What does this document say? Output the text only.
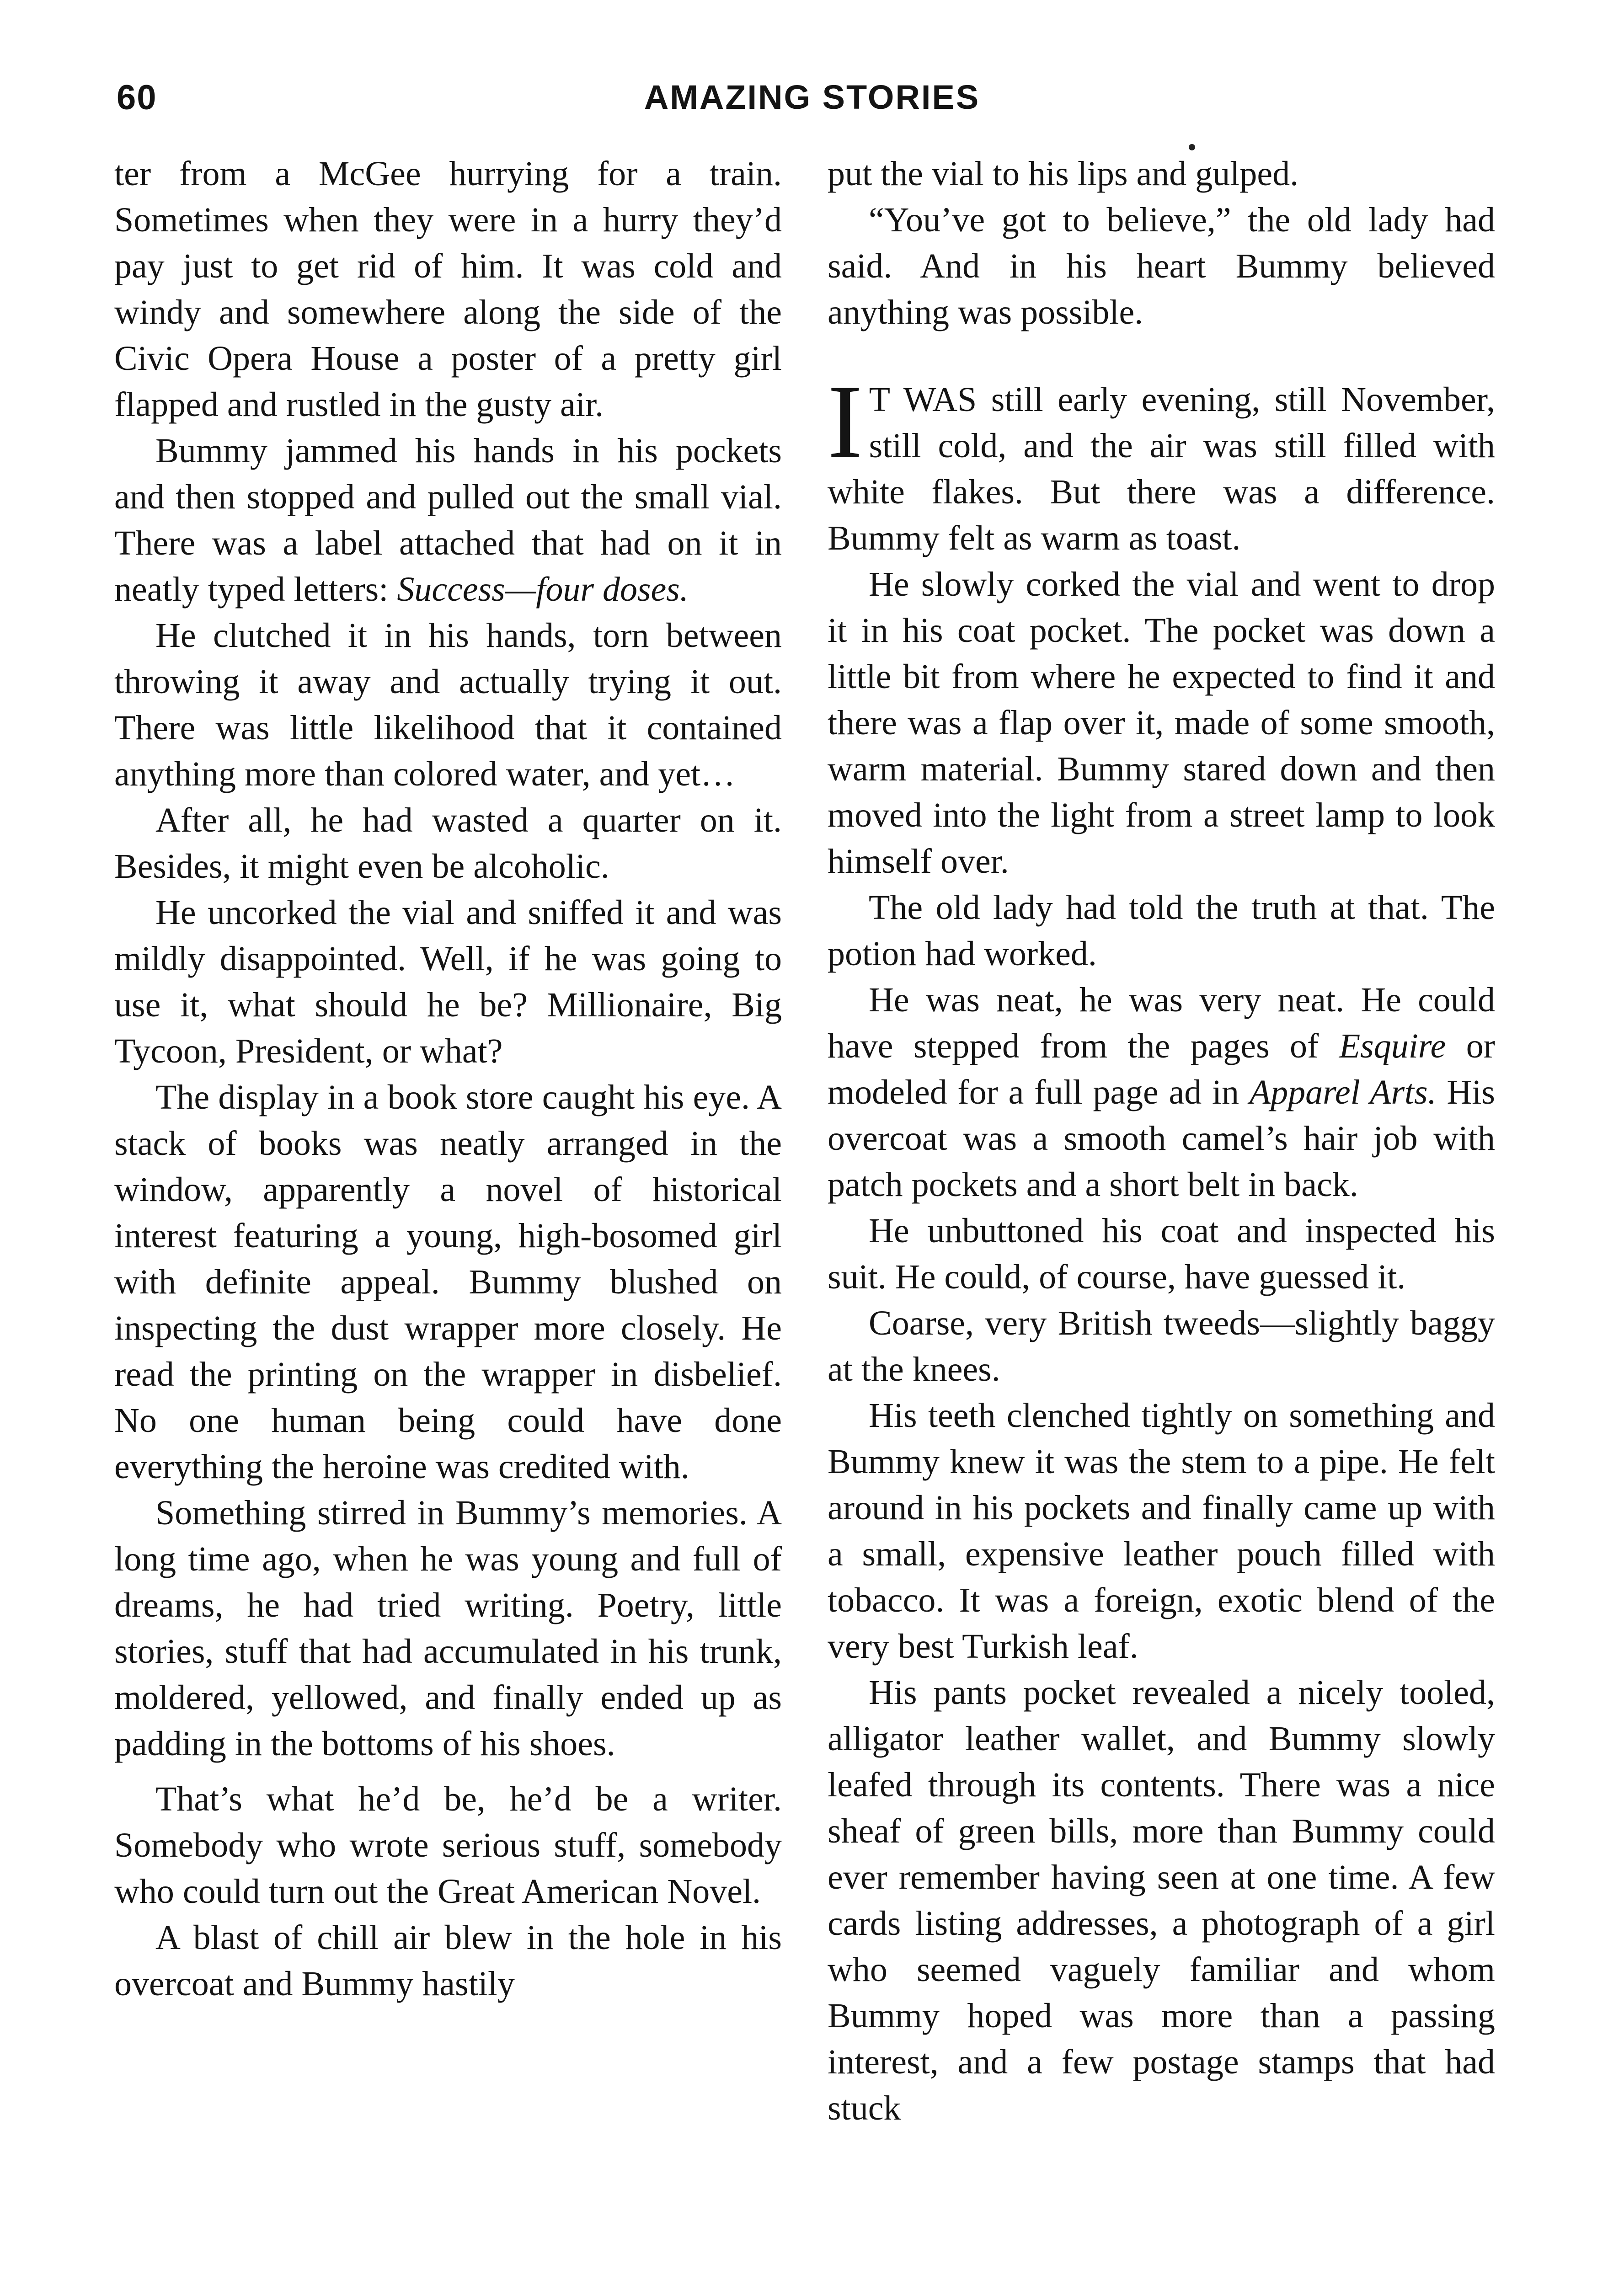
60	AMAZING STORIES

ter from a McGee hurrying for a train. Sometimes when they were in a hurry they’d pay just to get rid of him. It was cold and windy and somewhere along the side of the Civic Opera House a poster of a pretty girl flapped and rustled in the gusty air.

Bummy jammed his hands in his pockets and then stopped and pulled out the small vial. There was a label attached that had on it in neatly typed letters: Success—four doses.

He clutched it in his hands, torn between throwing it away and actually trying it out. There was little likelihood that it contained anything more than colored water, and yet…

After all, he had wasted a quarter on it. Besides, it might even be alcoholic.

He uncorked the vial and sniffed it and was mildly disappointed. Well, if he was going to use it, what should he be? Millionaire, Big Tycoon, President, or what?

The display in a book store caught his eye. A stack of books was neatly arranged in the window, apparently a novel of historical interest featuring a young, high-bosomed girl with definite appeal. Bummy blushed on inspecting the dust wrapper more closely. He read the printing on the wrapper in disbelief. No one human being could have done everything the heroine was credited with.

Something stirred in Bummy’s memories. A long time ago, when he was young and full of dreams, he had tried writing. Poetry, little stories, stuff that had accumulated in his trunk, moldered, yellowed, and finally ended up as padding in the bottoms of his shoes.

That’s what he’d be, he’d be a writer. Somebody who wrote serious stuff, somebody who could turn out the Great American Novel.

A blast of chill air blew in the hole in his overcoat and Bummy hastily

put the vial to his lips and gulped.

“You’ve got to believe,” the old lady had said. And in his heart Bummy believed anything was possible.

I T WAS still early evening, still November, still cold, and the air was still filled with white flakes. But there was a difference. Bummy felt as warm as toast.

He slowly corked the vial and went to drop it in his coat pocket. The pocket was down a little bit from where he expected to find it and there was a flap over it, made of some smooth, warm material. Bummy stared down and then moved into the light from a street lamp to look himself over.

The old lady had told the truth at that. The potion had worked.

He was neat, he was very neat. He could have stepped from the pages of Esquire or modeled for a full page ad in Apparel Arts. His overcoat was a smooth camel’s hair job with patch pockets and a short belt in back.

He unbuttoned his coat and inspected his suit. He could, of course, have guessed it.

Coarse, very British tweeds—slightly baggy at the knees.

His teeth clenched tightly on something and Bummy knew it was the stem to a pipe. He felt around in his pockets and finally came up with a small, expensive leather pouch filled with tobacco. It was a foreign, exotic blend of the very best Turkish leaf.

His pants pocket revealed a nicely tooled, alligator leather wallet, and Bummy slowly leafed through its contents. There was a nice sheaf of green bills, more than Bummy could ever remember having seen at one time. A few cards listing addresses, a photograph of a girl who seemed vaguely familiar and whom Bummy hoped was more than a passing interest, and a few postage stamps that had stuck
